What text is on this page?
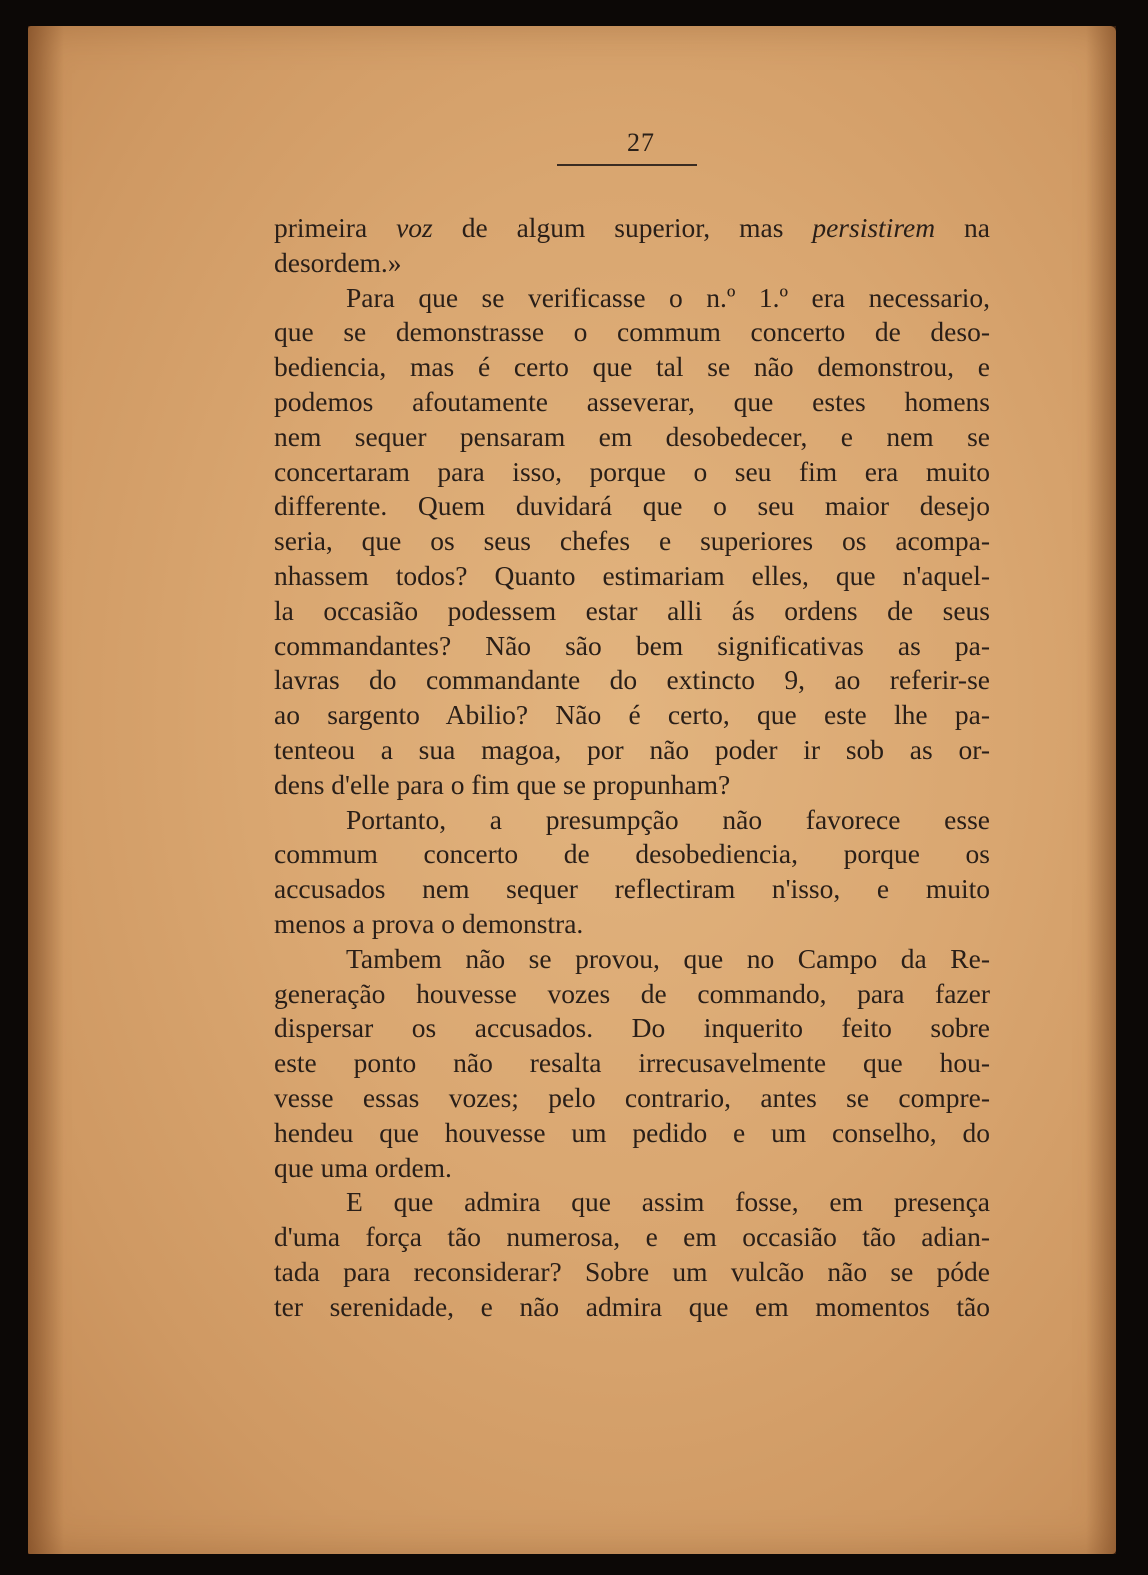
27
primeira voz de algum superior, mas persistirem na
desordem.»
Para que se verificasse o n.º 1.º era necessario,
que se demonstrasse o commum concerto de deso-
bediencia, mas é certo que tal se não demonstrou, e
podemos afoutamente asseverar, que estes homens
nem sequer pensaram em desobedecer, e nem se
concertaram para isso, porque o seu fim era muito
differente. Quem duvidará que o seu maior desejo
seria, que os seus chefes e superiores os acompa-
nhassem todos? Quanto estimariam elles, que n'aquel-
la occasião podessem estar alli ás ordens de seus
commandantes? Não são bem significativas as pa-
lavras do commandante do extincto 9, ao referir-se
ao sargento Abilio? Não é certo, que este lhe pa-
tenteou a sua magoa, por não poder ir sob as or-
dens d'elle para o fim que se propunham?
Portanto, a presumpção não favorece esse
commum concerto de desobediencia, porque os
accusados nem sequer reflectiram n'isso, e muito
menos a prova o demonstra.
Tambem não se provou, que no Campo da Re-
generação houvesse vozes de commando, para fazer
dispersar os accusados. Do inquerito feito sobre
este ponto não resalta irrecusavelmente que hou-
vesse essas vozes; pelo contrario, antes se compre-
hendeu que houvesse um pedido e um conselho, do
que uma ordem.
E que admira que assim fosse, em presença
d'uma força tão numerosa, e em occasião tão adian-
tada para reconsiderar? Sobre um vulcão não se póde
ter serenidade, e não admira que em momentos tão
